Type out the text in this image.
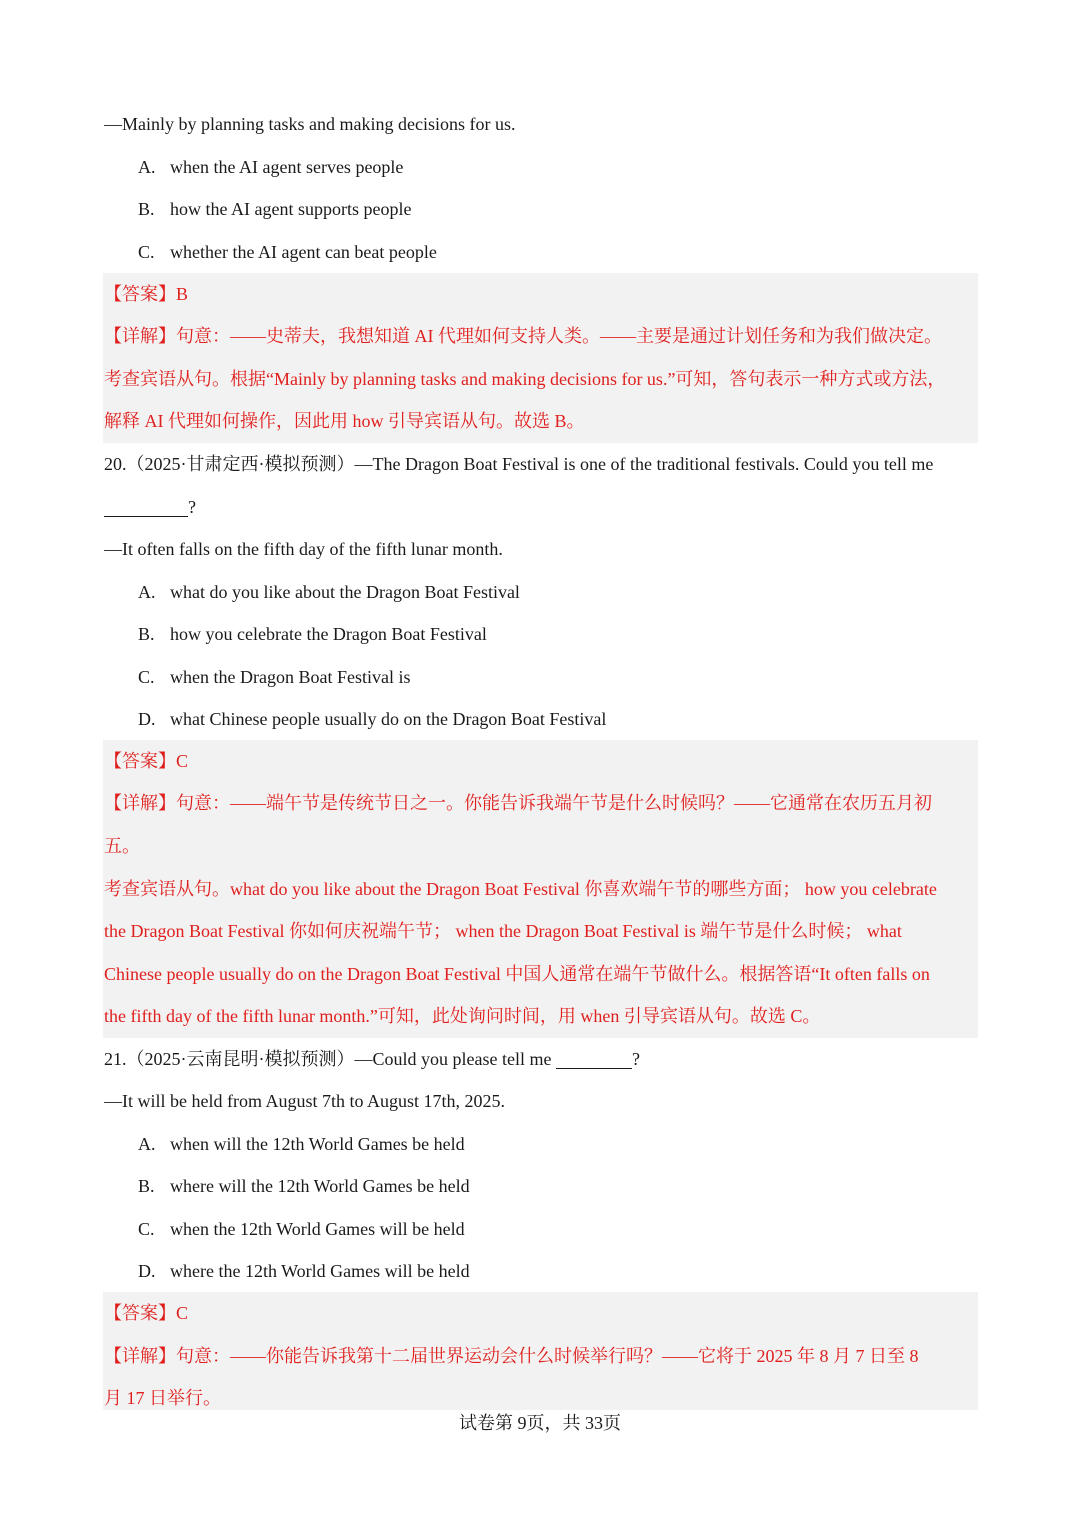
—Mainly by planning tasks and making decisions for us.
A. when the AI agent serves people
B. how the AI agent supports people
C. whether the AI agent can beat people
【答案】B
【详解】句意：——史蒂夫，我想知道 AI 代理如何支持人类。——主要是通过计划任务和为我们做决定。
考查宾语从句。根据“Mainly by planning tasks and making decisions for us.”可知，答句表示一种方式或方法，
解释 AI 代理如何操作，因此用 how 引导宾语从句。故选 B。
20.（2025·甘肃定西·模拟预测）—The Dragon Boat Festival is one of the traditional festivals. Could you tell me
?
—It often falls on the fifth day of the fifth lunar month.
A. what do you like about the Dragon Boat Festival
B. how you celebrate the Dragon Boat Festival
C. when the Dragon Boat Festival is
D. what Chinese people usually do on the Dragon Boat Festival
【答案】C
【详解】句意：——端午节是传统节日之一。你能告诉我端午节是什么时候吗？——它通常在农历五月初
五。
考查宾语从句。what do you like about the Dragon Boat Festival 你喜欢端午节的哪些方面； how you celebrate
the Dragon Boat Festival 你如何庆祝端午节； when the Dragon Boat Festival is 端午节是什么时候； what
Chinese people usually do on the Dragon Boat Festival 中国人通常在端午节做什么。根据答语“It often falls on
the fifth day of the fifth lunar month.”可知，此处询问时间，用 when 引导宾语从句。故选 C。
21.（2025·云南昆明·模拟预测）—Could you please tell me	?
—It will be held from August 7th to August 17th, 2025.
A. when will the 12th World Games be held
B. where will the 12th World Games be held
C. when the 12th World Games will be held
D. where the 12th World Games will be held
【答案】C
【详解】句意：——你能告诉我第十二届世界运动会什么时候举行吗？——它将于 2025 年 8 月 7 日至 8
月 17 日举行。
试卷第 9页，共 33页
